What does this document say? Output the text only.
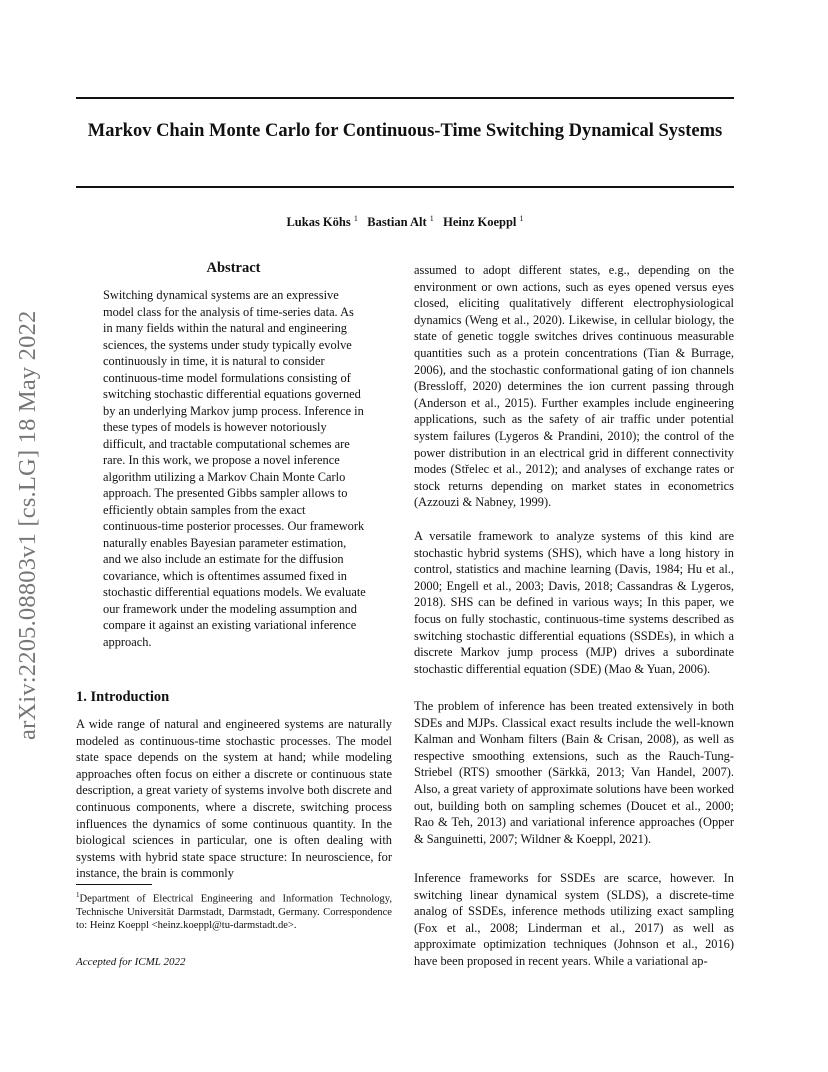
arXiv:2205.08803v1 [cs.LG] 18 May 2022
Markov Chain Monte Carlo for Continuous-Time Switching Dynamical Systems
Lukas Köhs $^1$ Bastian Alt $^1$ Heinz Koeppl $^1$
Abstract
Switching dynamical systems are an expressive model class for the analysis of time-series data. As in many fields within the natural and engineering sciences, the systems under study typically evolve continuously in time, it is natural to consider continuous-time model formulations consisting of switching stochastic differential equations governed by an underlying Markov jump process. Inference in these types of models is however notoriously difficult, and tractable computational schemes are rare. In this work, we propose a novel inference algorithm utilizing a Markov Chain Monte Carlo approach. The presented Gibbs sampler allows to efficiently obtain samples from the exact continuous-time posterior processes. Our framework naturally enables Bayesian parameter estimation, and we also include an estimate for the diffusion covariance, which is oftentimes assumed fixed in stochastic differential equations models. We evaluate our framework under the modeling assumption and compare it against an existing variational inference approach.
1. Introduction
A wide range of natural and engineered systems are naturally modeled as continuous-time stochastic processes. The model state space depends on the system at hand; while modeling approaches often focus on either a discrete or continuous state description, a great variety of systems involve both discrete and continuous components, where a discrete, switching process influences the dynamics of some continuous quantity. In the biological sciences in particular, one is often dealing with systems with hybrid state space structure: In neuroscience, for instance, the brain is commonly
$^1$Department of Electrical Engineering and Information Technology, Technische Universität Darmstadt, Darmstadt, Germany. Correspondence to: Heinz Koeppl <heinz.koeppl@tu-darmstadt.de>.
Accepted for ICML 2022
assumed to adopt different states, e.g., depending on the environment or own actions, such as eyes opened versus eyes closed, eliciting qualitatively different electrophysiological dynamics (Weng et al., 2020). Likewise, in cellular biology, the state of genetic toggle switches drives continuous measurable quantities such as a protein concentrations (Tian & Burrage, 2006), and the stochastic conformational gating of ion channels (Bressloff, 2020) determines the ion current passing through (Anderson et al., 2015). Further examples include engineering applications, such as the safety of air traffic under potential system failures (Lygeros & Prandini, 2010); the control of the power distribution in an electrical grid in different connectivity modes (Střelec et al., 2012); and analyses of exchange rates or stock returns depending on market states in econometrics (Azzouzi & Nabney, 1999).
A versatile framework to analyze systems of this kind are stochastic hybrid systems (SHS), which have a long history in control, statistics and machine learning (Davis, 1984; Hu et al., 2000; Engell et al., 2003; Davis, 2018; Cassandras & Lygeros, 2018). SHS can be defined in various ways; In this paper, we focus on fully stochastic, continuous-time systems described as switching stochastic differential equations (SSDEs), in which a discrete Markov jump process (MJP) drives a subordinate stochastic differential equation (SDE) (Mao & Yuan, 2006).
The problem of inference has been treated extensively in both SDEs and MJPs. Classical exact results include the well-known Kalman and Wonham filters (Bain & Crisan, 2008), as well as respective smoothing extensions, such as the Rauch-Tung-Striebel (RTS) smoother (Särkkä, 2013; Van Handel, 2007). Also, a great variety of approximate solutions have been worked out, building both on sampling schemes (Doucet et al., 2000; Rao & Teh, 2013) and variational inference approaches (Opper & Sanguinetti, 2007; Wildner & Koeppl, 2021).
Inference frameworks for SSDEs are scarce, however. In switching linear dynamical system (SLDS), a discrete-time analog of SSDEs, inference methods utilizing exact sampling (Fox et al., 2008; Linderman et al., 2017) as well as approximate optimization techniques (Johnson et al., 2016) have been proposed in recent years. While a variational ap-
